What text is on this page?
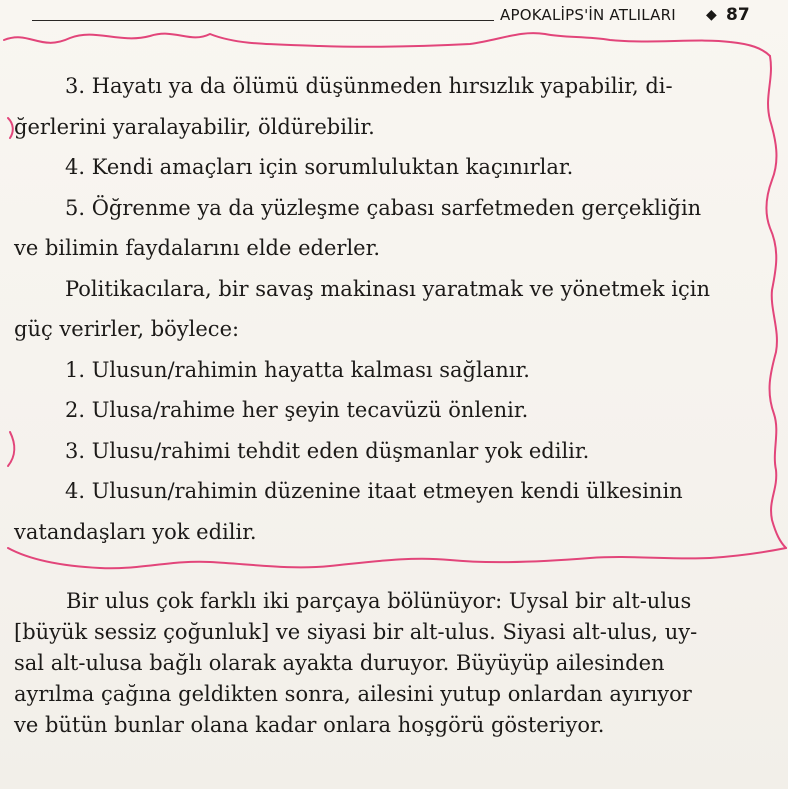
APOKALİPS'İN ATLILARI ◆ 87
3. Hayatı ya da ölümü düşünmeden hırsızlık yapabilir, di-
ğerlerini yaralayabilir, öldürebilir.
4. Kendi amaçları için sorumluluktan kaçınırlar.
5. Öğrenme ya da yüzleşme çabası sarfetmeden gerçekliğin
ve bilimin faydalarını elde ederler.
Politikacılara, bir savaş makinası yaratmak ve yönetmek için
güç verirler, böylece:
1. Ulusun/rahimin hayatta kalması sağlanır.
2. Ulusa/rahime her şeyin tecavüzü önlenir.
3. Ulusu/rahimi tehdit eden düşmanlar yok edilir.
4. Ulusun/rahimin düzenine itaat etmeyen kendi ülkesinin
vatandaşları yok edilir.
Bir ulus çok farklı iki parçaya bölünüyor: Uysal bir alt-ulus
[büyük sessiz çoğunluk] ve siyasi bir alt-ulus. Siyasi alt-ulus, uy-
sal alt-ulusa bağlı olarak ayakta duruyor. Büyüyüp ailesinden
ayrılma çağına geldikten sonra, ailesini yutup onlardan ayırıyor
ve bütün bunlar olana kadar onlara hoşgörü gösteriyor.
